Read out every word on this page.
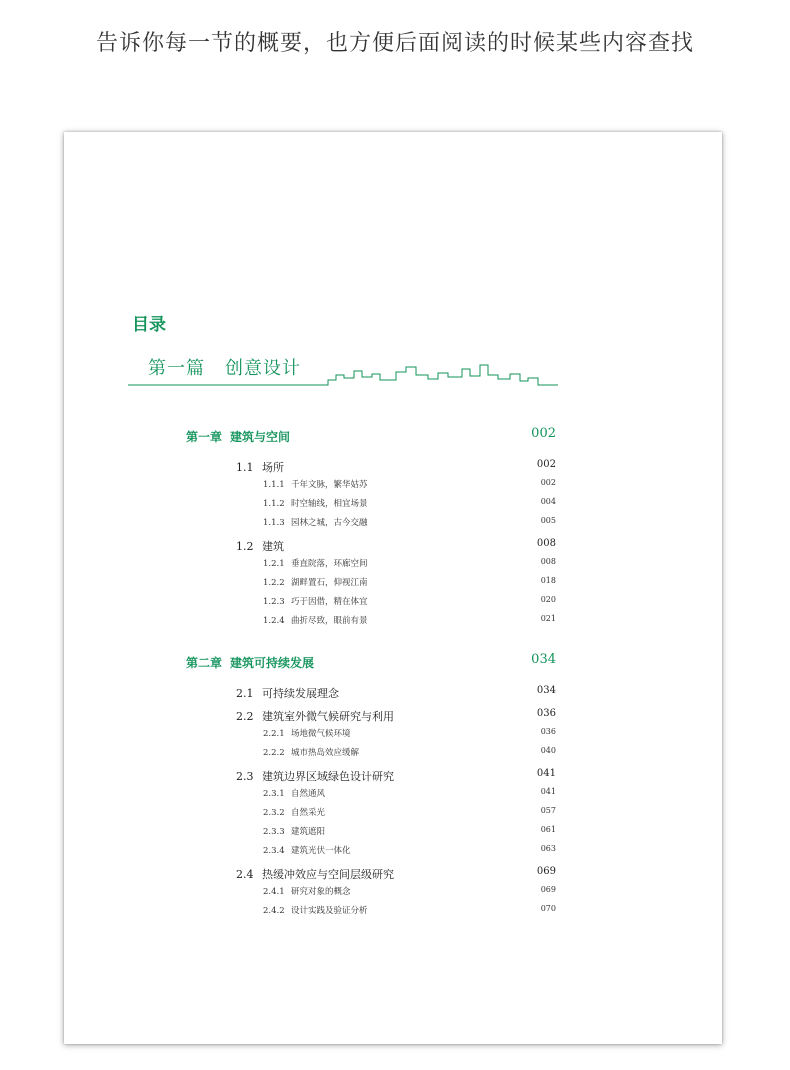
告诉你每一节的概要，也方便后面阅读的时候某些内容查找
目录
第一篇 创意设计
第一章 建筑与空间	002
1.1 场所	002
1.1.1 千年文脉，繁华姑苏	002
1.1.2 时空轴线，相宜场景	004
1.1.3 园林之城，古今交融	005
1.2 建筑	008
1.2.1 垂直院落，环廊空间	008
1.2.2 湖畔置石，仰视江南	018
1.2.3 巧于因借，精在体宜	020
1.2.4 曲折尽致，眼前有景	021
第二章 建筑可持续发展	034
2.1 可持续发展理念	034
2.2 建筑室外微气候研究与利用	036
2.2.1 场地微气候环境	036
2.2.2 城市热岛效应缓解	040
2.3 建筑边界区域绿色设计研究	041
2.3.1 自然通风	041
2.3.2 自然采光	057
2.3.3 建筑遮阳	061
2.3.4 建筑光伏一体化	063
2.4 热缓冲效应与空间层级研究	069
2.4.1 研究对象的概念	069
2.4.2 设计实践及验证分析	070
